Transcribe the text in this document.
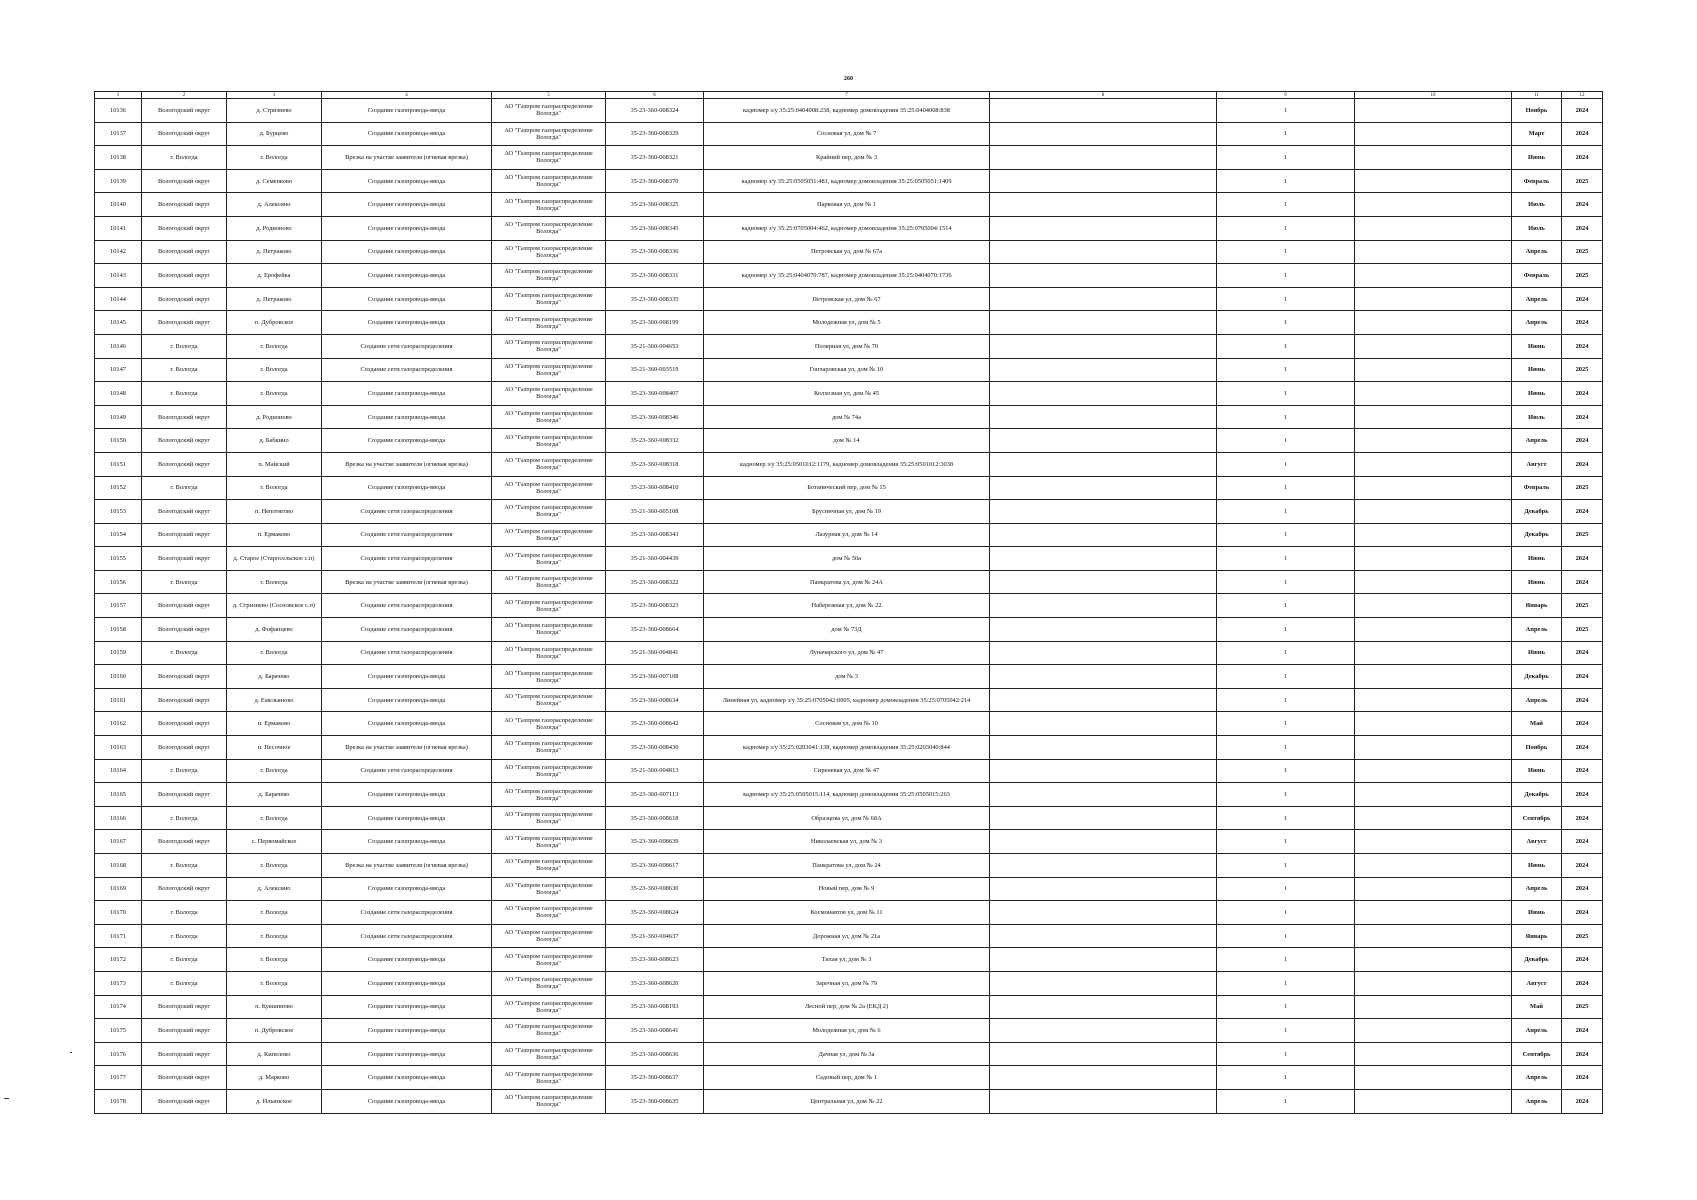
260
1	2	3	4	5	6	7	8	9	10	11	12
10136	Вологодский округ	д. Стризнево	Создание газопровода-ввода	АО "Газпром газораспределение Вологда"	35-23-360-008324	кадномер з/у 35:25:0404008:238, кадномер домовладения 35:25:0404008:838		1		Ноябрь	2024
10137	Вологодский округ	д. Бурцево	Создание газопровода-ввода	АО "Газпром газораспределение Вологда"	35-23-360-008329	Сосновая ул, дом № 7		1		Март	2024
10138	г. Вологда	г. Вологда	Врезка на участке заявителя (огневая врезка)	АО "Газпром газораспределение Вологда"	35-23-360-008321	Крайний пер, дом № 3		1		Июнь	2024
10139	Вологодский округ	д. Семенково	Создание газопровода-ввода	АО "Газпром газораспределение Вологда"	35-23-360-008370	кадномер з/у 35:25:0505051:481, кадномер домовладения 35:25:0505051:1409		1		Февраль	2025
10140	Вологодский округ	д. Алексино	Создание газопровода-ввода	АО "Газпром газораспределение Вологда"	35-23-360-008325	Парковая ул, дом № 1		1		Июль	2024
10141	Вологодский округ	д. Родионово	Создание газопровода-ввода	АО "Газпром газораспределение Вологда"	35-23-360-008345	кадномер з/у 35:25:0705004:462, кадномер домовладения 35:25:0705004:1514		1		Июль	2024
10142	Вологодский округ	д. Петраково	Создание газопровода-ввода	АО "Газпром газораспределение Вологда"	35-23-360-008336	Петровская ул, дом № 67а		1		Апрель	2025
10143	Вологодский округ	д. Ерофейка	Создание газопровода-ввода	АО "Газпром газораспределение Вологда"	35-23-360-008331	кадномер з/у 35:25:0404070:787, кадномер домовладения 35:25:0404070:1736		1		Февраль	2025
10144	Вологодский округ	д. Петраково	Создание газопровода-ввода	АО "Газпром газораспределение Вологда"	35-23-360-008335	Петровская ул, дом № 67		1		Апрель	2024
10145	Вологодский округ	п. Дубровское	Создание газопровода-ввода	АО "Газпром газораспределение Вологда"	35-23-360-008199	Молодежная ул, дом № 5		1		Апрель	2024
10146	г. Вологда	г. Вологда	Создание сети газораспределения	АО "Газпром газораспределение Вологда"	35-21-360-004653	Полярная ул, дом № 70		1		Июнь	2024
10147	г. Вологда	г. Вологда	Создание сети газораспределения	АО "Газпром газораспределение Вологда"	35-21-360-003519	Гончаровская ул, дом № 10		1		Июнь	2025
10148	г. Вологда	г. Вологда	Создание газопровода-ввода	АО "Газпром газораспределение Вологда"	35-23-360-008407	Колхозная ул, дом № 45		1		Июнь	2024
10149	Вологодский округ	д. Родионово	Создание газопровода-ввода	АО "Газпром газораспределение Вологда"	35-23-360-008346	дом № 74а		1		Июль	2024
10150	Вологодский округ	д. Бабкино	Создание газопровода-ввода	АО "Газпром газораспределение Вологда"	35-23-360-008332	дом № 14		1		Апрель	2024
10151	Вологодский округ	п. Майский	Врезка на участке заявителя (огневая врезка)	АО "Газпром газораспределение Вологда"	35-23-360-008318	кадномер з/у 35:25:0501012:1179, кадномер домовладения 35:25:0501012:3038		1		Август	2024
10152	г. Вологда	г. Вологда	Создание газопровода-ввода	АО "Газпром газораспределение Вологда"	35-23-360-008410	Ботанический пер, дом № 15		1		Февраль	2025
10153	Вологодский округ	п. Непотягово	Создание сети газораспределения	АО "Газпром газораспределение Вологда"	35-21-360-005108	Брусничная ул, дом № 19		1		Декабрь	2024
10154	Вологодский округ	п. Ермаково	Создание сети газораспределения	АО "Газпром газораспределение Вологда"	35-23-360-008343	Лазурная ул, дом № 14		1		Декабрь	2025
10155	Вологодский округ	д. Старое (Старосельское с.п)	Создание сети газораспределения	АО "Газпром газораспределение Вологда"	35-21-360-004439	дом № 50а		1		Июнь	2024
10156	г. Вологда	г. Вологда	Врезка на участке заявителя (огневая врезка)	АО "Газпром газораспределение Вологда"	35-23-360-008322	Панкратова ул, дом № 24А		1		Июнь	2024
10157	Вологодский округ	д. Стризнево (Сосновское с.п)	Создание сети газораспределения	АО "Газпром газораспределение Вологда"	35-23-360-008323	Набережная ул, дом № 22		1		Январь	2025
10158	Вологодский округ	д. Фофанцево	Создание сети газораспределения	АО "Газпром газораспределение Вологда"	35-23-360-008664	дом № 73Д		1		Апрель	2025
10159	г. Вологда	г. Вологда	Создание сети газораспределения	АО "Газпром газораспределение Вологда"	35-21-360-004841	Луначарского ул, дом № 47		1		Июнь	2024
10160	Вологодский округ	д. Барачево	Создание газопровода-ввода	АО "Газпром газораспределение Вологда"	35-23-360-007108	дом № 3		1		Декабрь	2024
10161	Вологодский округ	д. Емельяново	Создание газопровода-ввода	АО "Газпром газораспределение Вологда"	35-23-360-008634	Линейная ул, кадномер з/у 35:25:0705042:0005, кадномер домовладения 35:25:0705042:214		1		Апрель	2024
10162	Вологодский округ	п. Ермаково	Создание газопровода-ввода	АО "Газпром газораспределение Вологда"	35-23-360-008642	Сосновая ул, дом № 10		1		Май	2024
10163	Вологодский округ	п. Песочное	Врезка на участке заявителя (огневая врезка)	АО "Газпром газораспределение Вологда"	35-23-360-008430	кадномер з/у 35:25:0203041:138, кадномер домовладения 35:25:0203040:844		1		Ноябрь	2024
10164	г. Вологда	г. Вологда	Создание сети газораспределения	АО "Газпром газораспределение Вологда"	35-21-360-004813	Сиреневая ул, дом № 47		1		Июнь	2024
10165	Вологодский округ	д. Барачево	Создание газопровода-ввода	АО "Газпром газораспределение Вологда"	35-23-360-007113	кадномер з/у 35:25:0505015:114, кадномер домовладения 35:25:0505015:263		1		Декабрь	2024
10166	г. Вологда	г. Вологда	Создание газопровода-ввода	АО "Газпром газораспределение Вологда"	35-23-360-008618	Образцова ул, дом № 68А		1		Сентябрь	2024
10167	Вологодский округ	с. Первомайское	Создание газопровода-ввода	АО "Газпром газораспределение Вологда"	35-23-360-008639	Николаевская ул, дом № 3		1		Август	2024
10168	г. Вологда	г. Вологда	Врезка на участке заявителя (огневая врезка)	АО "Газпром газораспределение Вологда"	35-23-360-008617	Панкратова ул, дом № 24		1		Июнь	2024
10169	Вологодский округ	д. Алексино	Создание газопровода-ввода	АО "Газпром газораспределение Вологда"	35-23-360-008630	Новый пер, дом № 9		1		Апрель	2024
10170	г. Вологда	г. Вологда	Создание сети газораспределения	АО "Газпром газораспределение Вологда"	35-23-360-008624	Космонавтов ул, дом № 11		1		Июнь	2024
10171	г. Вологда	г. Вологда	Создание сети газораспределения	АО "Газпром газораспределение Вологда"	35-21-360-004637	Дорожная ул, дом № 21а		1		Январь	2025
10172	г. Вологда	г. Вологда	Создание газопровода-ввода	АО "Газпром газораспределение Вологда"	35-23-360-008623	Тихая ул, дом № 3		1		Декабрь	2024
10173	г. Вологда	г. Вологда	Создание газопровода-ввода	АО "Газпром газораспределение Вологда"	35-23-360-008620	Заречная ул, дом № 79		1		Август	2024
10174	Вологодский округ	п. Кувшиново	Создание газопровода-ввода	АО "Газпром газораспределение Вологда"	35-23-360-008193	Лесной пер, дом № 2а (ЕКД 2)		1		Май	2025
10175	Вологодский округ	п. Дубровское	Создание газопровода-ввода	АО "Газпром газораспределение Вологда"	35-23-360-008641	Молодежная ул, дом № 6		1		Апрель	2024
10176	Вологодский округ	д. Кипелово	Создание газопровода-ввода	АО "Газпром газораспределение Вологда"	35-23-360-008636	Дачная ул, дом № 3а		1		Сентябрь	2024
10177	Вологодский округ	д. Марково	Создание газопровода-ввода	АО "Газпром газораспределение Вологда"	35-23-360-008637	Садовый пер, дом № 1		1		Апрель	2024
10178	Вологодский округ	д. Ильинское	Создание газопровода-ввода	АО "Газпром газораспределение Вологда"	35-23-360-008635	Центральная ул, дом № 22		1		Апрель	2024
